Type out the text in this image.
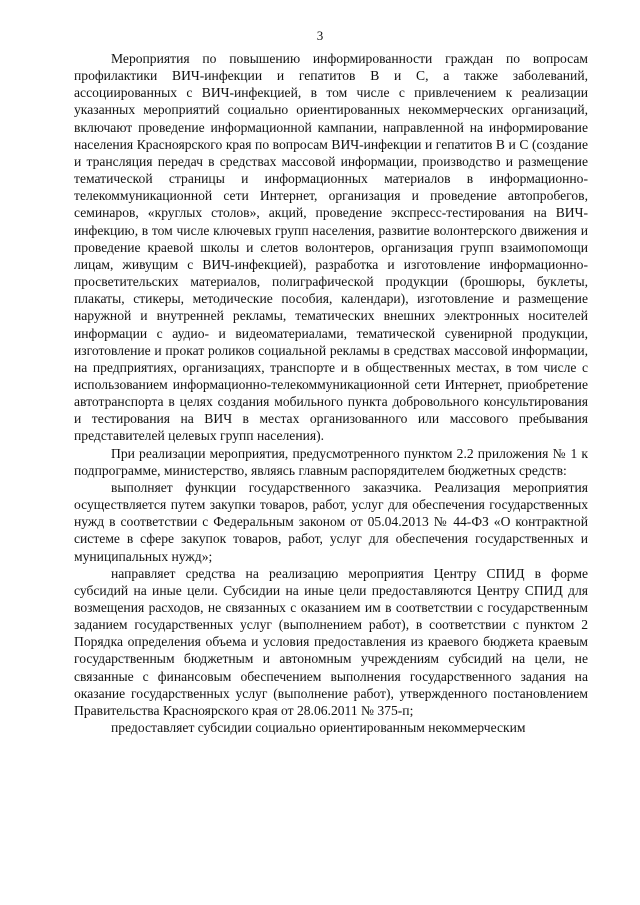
3

Мероприятия по повышению информированности граждан по вопросам профилактики ВИЧ-инфекции и гепатитов В и С, а также заболеваний, ассоциированных с ВИЧ-инфекцией, в том числе с привлечением к реализации указанных мероприятий социально ориентированных некоммерческих организаций, включают проведение информационной кампании, направленной на информирование населения Красноярского края по вопросам ВИЧ-инфекции и гепатитов В и С (создание и трансляция передач в средствах массовой информации, производство и размещение тематической страницы и информационных материалов в информационно-телекоммуникационной сети Интернет, организация и проведение автопробегов, семинаров, «круглых столов», акций, проведение экспресс-тестирования на ВИЧ-инфекцию, в том числе ключевых групп населения, развитие волонтерского движения и проведение краевой школы и слетов волонтеров, организация групп взаимопомощи лицам, живущим с ВИЧ-инфекцией), разработка и изготовление информационно-просветительских материалов, полиграфической продукции (брошюры, буклеты, плакаты, стикеры, методические пособия, календари), изготовление и размещение наружной и внутренней рекламы, тематических внешних электронных носителей информации с аудио- и видеоматериалами, тематической сувенирной продукции, изготовление и прокат роликов социальной рекламы в средствах массовой информации, на предприятиях, организациях, транспорте и в общественных местах, в том числе с использованием информационно-телекоммуникационной сети Интернет, приобретение автотранспорта в целях создания мобильного пункта добровольного консультирования и тестирования на ВИЧ в местах организованного или массового пребывания представителей целевых групп населения).

При реализации мероприятия, предусмотренного пунктом 2.2 приложения № 1 к подпрограмме, министерство, являясь главным распорядителем бюджетных средств:

выполняет функции государственного заказчика. Реализация мероприятия осуществляется путем закупки товаров, работ, услуг для обеспечения государственных нужд в соответствии с Федеральным законом от 05.04.2013 № 44-ФЗ «О контрактной системе в сфере закупок товаров, работ, услуг для обеспечения государственных и муниципальных нужд»;

направляет средства на реализацию мероприятия Центру СПИД в форме субсидий на иные цели. Субсидии на иные цели предоставляются Центру СПИД для возмещения расходов, не связанных с оказанием им в соответствии с государственным заданием государственных услуг (выполнением работ), в соответствии с пунктом 2 Порядка определения объема и условия предоставления из краевого бюджета краевым государственным бюджетным и автономным учреждениям субсидий на цели, не связанные с финансовым обеспечением выполнения государственного задания на оказание государственных услуг (выполнение работ), утвержденного постановлением Правительства Красноярского края от 28.06.2011 № 375-п;

предоставляет субсидии социально ориентированным некоммерческим
